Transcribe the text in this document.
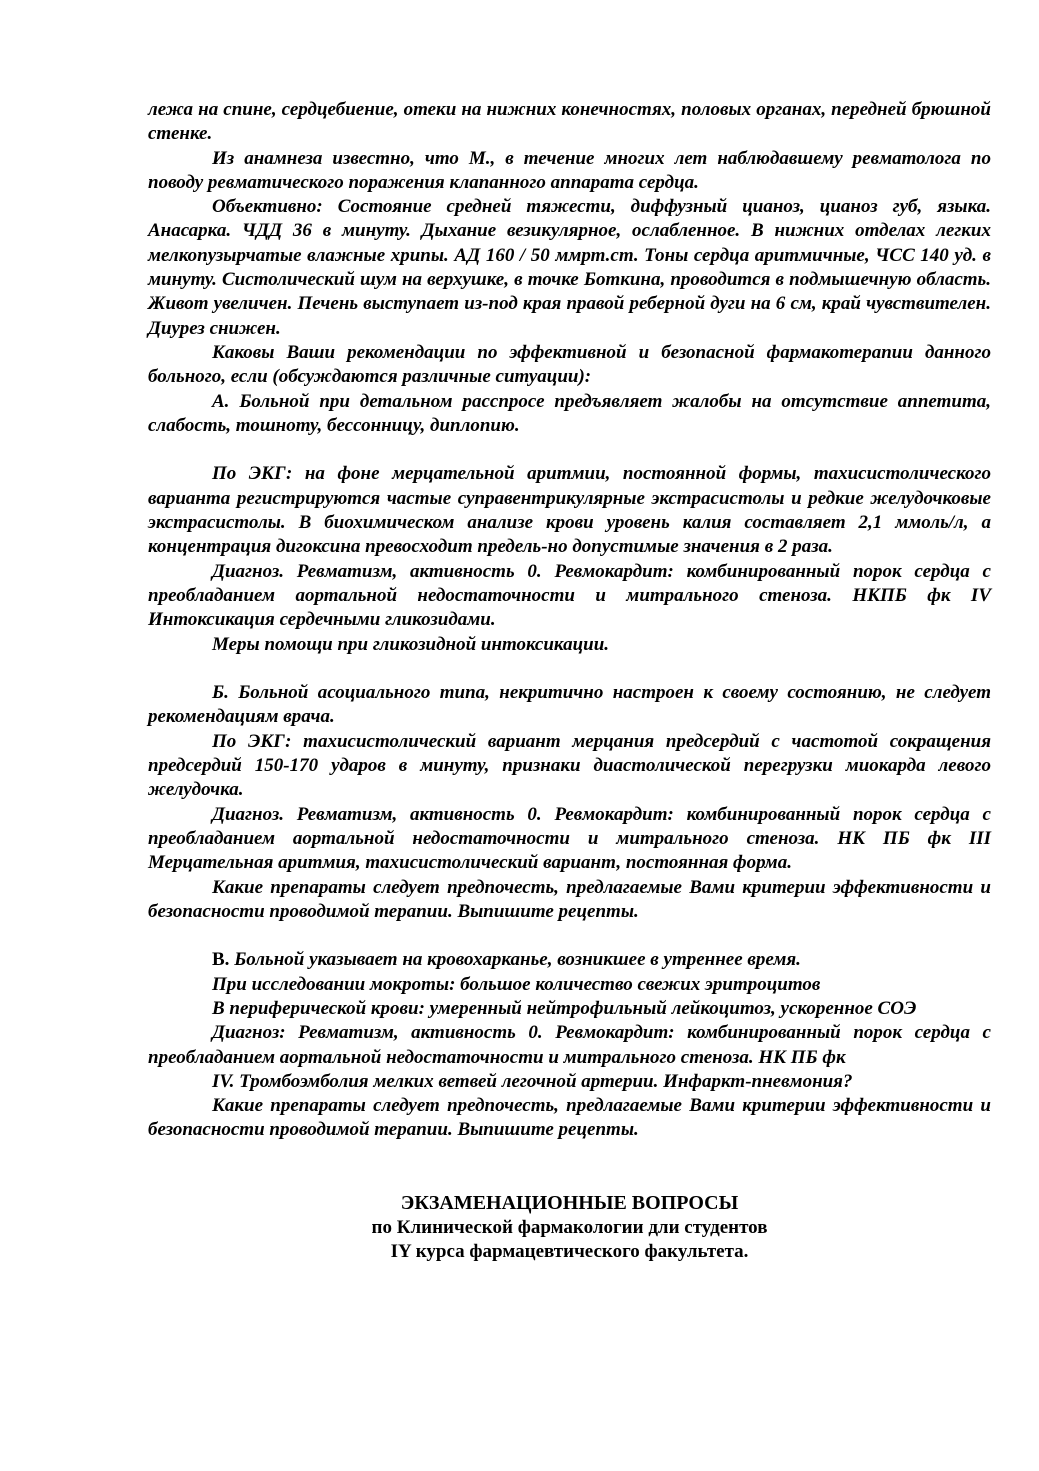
лежа на спине, сердцебиение, отеки на нижних конечностях, половых органах, передней брюшной стенке.

Из анамнеза известно, что М., в течение многих лет наблюдавшему ревматолога по поводу ревматического поражения клапанного аппарата сердца.

Объективно: Состояние средней тяжести, диффузный цианоз, цианоз губ, языка. Анасарка. ЧДД 36 в минуту. Дыхание везикулярное, ослабленное. В нижних отделах легких мелкопузырчатые влажные хрипы. АД 160 / 50 ммрт.ст. Тоны сердца аритмичные, ЧСС 140 уд. в минуту. Систолический шум на верхушке, в точке Боткина, проводится в подмышечную область. Живот увеличен. Печень выступает из-под края правой реберной дуги на 6 см, край чувствителен. Диурез снижен.

Каковы Ваши рекомендации по эффективной и безопасной фармакотерапии данного больного, если (обсуждаются различные ситуации):

А. Больной при детальном расспросе предъявляет жалобы на отсутствие аппетита, слабость, тошноту, бессонницу, диплопию.

По ЭКГ: на фоне мерцательной аритмии, постоянной формы, тахисистолического варианта регистрируются частые суправентрикулярные экстрасистолы и редкие желудочковые экстрасистолы. В биохимическом анализе крови уровень калия составляет 2,1 ммоль/л, а концентрация дигоксина превосходит предель-но допустимые значения в 2 раза.

Диагноз. Ревматизм, активность 0. Ревмокардит: комбинированный порок сердца с преобладанием аортальной недостаточности и митрального стеноза. НКПБ фк IV Интоксикация сердечными гликозидами.

Меры помощи при гликозидной интоксикации.

Б. Больной асоциального типа, некритично настроен к своему состоянию, не следует рекомендациям врача.

По ЭКГ: тахисистолический вариант мерцания предсердий с частотой сокращения предсердий 150-170 ударов в минуту, признаки диастолической перегрузки миокарда левого желудочка.

Диагноз. Ревматизм, активность 0. Ревмокардит: комбинированный порок сердца с преобладанием аортальной недостаточности и митрального стеноза. НК ПБ фк III Мерцательная аритмия, тахисистолический вариант, постоянная форма.

Какие препараты следует предпочесть, предлагаемые Вами критерии эффективности и безопасности проводимой терапии. Выпишите рецепты.

В. Больной указывает на кровохарканье, возникшее в утреннее время.

При исследовании мокроты: большое количество свежих эритроцитов

В периферической крови: умеренный нейтрофильный лейкоцитоз, ускоренное СОЭ

Диагноз: Ревматизм, активность 0. Ревмокардит: комбинированный порок сердца с преобладанием аортальной недостаточности и митрального стеноза. НК ПБ фк

IV. Тромбоэмболия мелких ветвей легочной артерии. Инфаркт-пневмония?

Какие препараты следует предпочесть, предлагаемые Вами критерии эффективности и безопасности проводимой терапии. Выпишите рецепты.

ЭКЗАМЕНАЦИОННЫЕ ВОПРОСЫ

по Клинической фармакологии дли студентов

IY курса фармацевтического факультета.
